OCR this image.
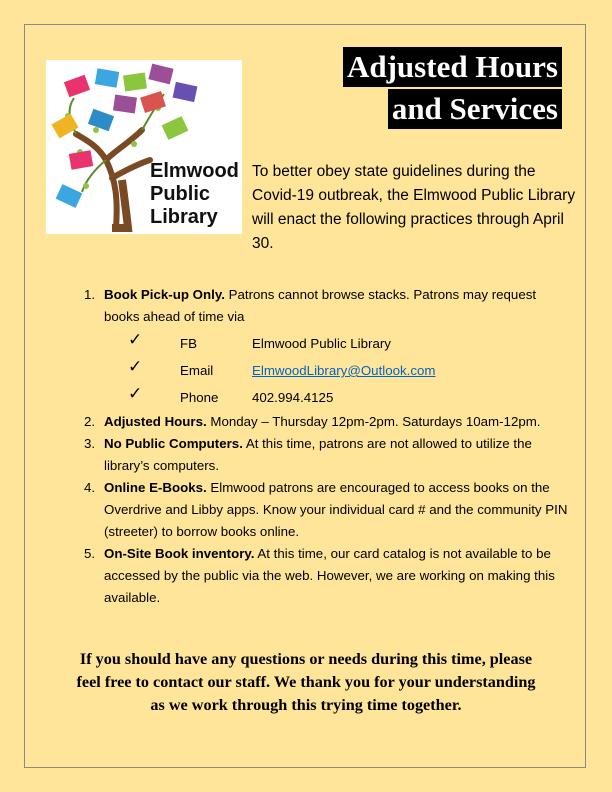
Elmwood
Public
Library
Adjusted Hours
and Services
To better obey state guidelines during the Covid-19 outbreak, the Elmwood Public Library will enact the following practices through April 30.
1. Book Pick-up Only. Patrons cannot browse stacks. Patrons may request books ahead of time via
✓	FB	Elmwood Public Library
✓	Email	ElmwoodLibrary@Outlook.com
✓	Phone	402.994.4125
2. Adjusted Hours. Monday – Thursday 12pm-2pm. Saturdays 10am-12pm.
3. No Public Computers. At this time, patrons are not allowed to utilize the library’s computers.
4. Online E-Books. Elmwood patrons are encouraged to access books on the Overdrive and Libby apps. Know your individual card # and the community PIN (streeter) to borrow books online.
5. On-Site Book inventory. At this time, our card catalog is not available to be accessed by the public via the web. However, we are working on making this available.
If you should have any questions or needs during this time, please feel free to contact our staff. We thank you for your understanding as we work through this trying time together.
